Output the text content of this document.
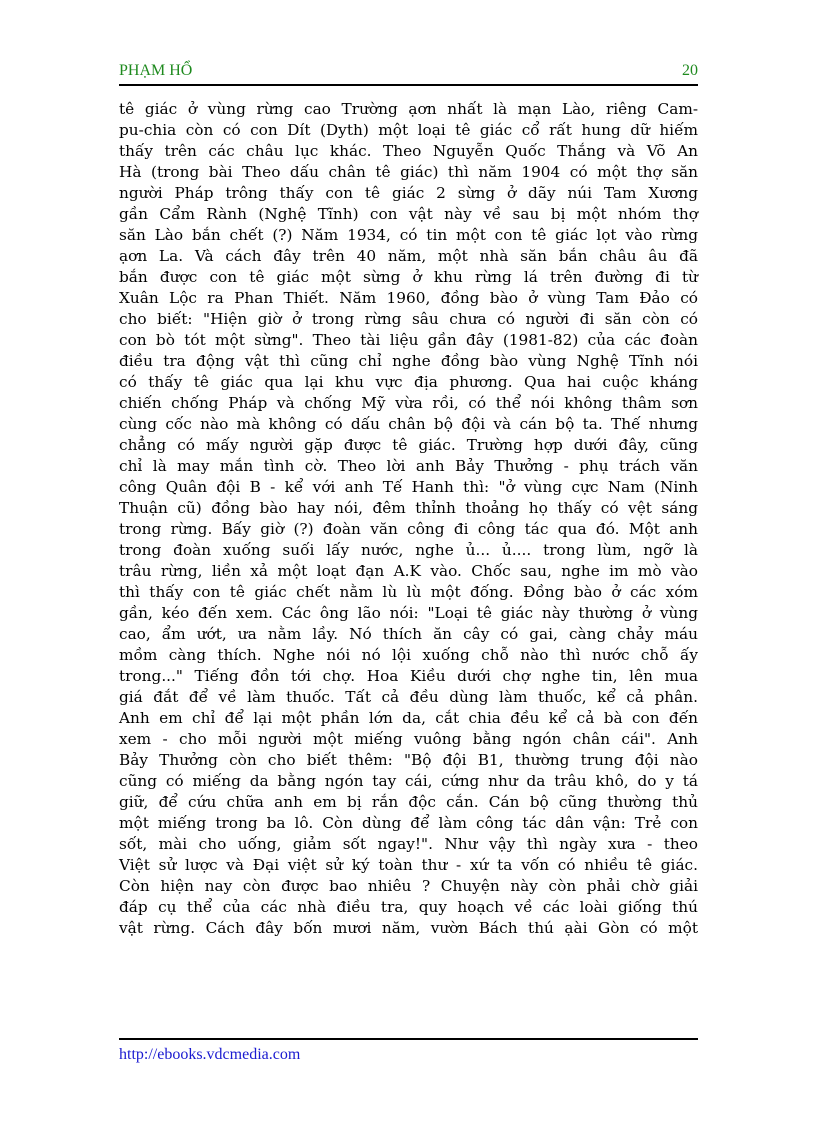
PHẠM HỔ	20
tê giác ở vùng rừng cao Trường ạơn nhất là mạn Lào, riêng Cam-
pu-chia còn có con Dít (Dyth) một loại tê giác cổ rất hung dữ hiếm
thấy trên các châu lục khác. Theo Nguyễn Quốc Thắng và Võ An
Hà (trong bài Theo dấu chân tê giác) thì năm 1904 có một thợ săn
người Pháp trông thấy con tê giác 2 sừng ở dãy núi Tam Xương
gần Cẩm Rành (Nghệ Tĩnh) con vật này về sau bị một nhóm thợ
săn Lào bắn chết (?) Năm 1934, có tin một con tê giác lọt vào rừng
ạơn La. Và cách đây trên 40 năm, một nhà săn bắn châu âu đã
bắn được con tê giác một sừng ở khu rừng lá trên đường đi từ
Xuân Lộc ra Phan Thiết. Năm 1960, đồng bào ở vùng Tam Đảo có
cho biết: "Hiện giờ ở trong rừng sâu chưa có người đi săn còn có
con bò tót một sừng". Theo tài liệu gần đây (1981-82) của các đoàn
điều tra động vật thì cũng chỉ nghe đồng bào vùng Nghệ Tĩnh nói
có thấy tê giác qua lại khu vực địa phương. Qua hai cuộc kháng
chiến chống Pháp và chống Mỹ vừa rồi, có thể nói không thâm sơn
cùng cốc nào mà không có dấu chân bộ đội và cán bộ ta. Thế nhưng
chẳng có mấy người gặp được tê giác. Trường hợp dưới đây, cũng
chỉ là may mắn tình cờ. Theo lời anh Bảy Thưởng - phụ trách văn
công Quân đội B - kể với anh Tế Hanh thì: "ở vùng cực Nam (Ninh
Thuận cũ) đồng bào hay nói, đêm thỉnh thoảng họ thấy có vệt sáng
trong rừng. Bấy giờ (?) đoàn văn công đi công tác qua đó. Một anh
trong đoàn xuống suối lấy nước, nghe ủ... ủ.... trong lùm, ngỡ là
trâu rừng, liền xả một loạt đạn A.K vào. Chốc sau, nghe im mò vào
thì thấy con tê giác chết nằm lù lù một đống. Đồng bào ở các xóm
gần, kéo đến xem. Các ông lão nói: "Loại tê giác này thường ở vùng
cao, ẩm ướt, ưa nằm lầy. Nó thích ăn cây có gai, càng chảy máu
mồm càng thích. Nghe nói nó lội xuống chỗ nào thì nước chỗ ấy
trong..." Tiếng đồn tới chợ. Hoa Kiều dưới chợ nghe tin, lên mua
giá đắt để về làm thuốc. Tất cả đều dùng làm thuốc, kể cả phân.
Anh em chỉ để lại một phần lớn da, cắt chia đều kể cả bà con đến
xem - cho mỗi người một miếng vuông bằng ngón chân cái". Anh
Bảy Thưởng còn cho biết thêm: "Bộ đội B1, thường trung đội nào
cũng có miếng da bằng ngón tay cái, cứng như da trâu khô, do y tá
giữ, để cứu chữa anh em bị rắn độc cắn. Cán bộ cũng thường thủ
một miếng trong ba lô. Còn dùng để làm công tác dân vận: Trẻ con
sốt, mài cho uống, giảm sốt ngay!". Như vậy thì ngày xưa - theo
Việt sử lược và Đại việt sử ký toàn thư - xứ ta vốn có nhiều tê giác.
Còn hiện nay còn được bao nhiêu ? Chuyện này còn phải chờ giải
đáp cụ thể của các nhà điều tra, quy hoạch về các loài giống thú
vật rừng. Cách đây bốn mươi năm, vườn Bách thú ạài Gòn có một
http://ebooks.vdcmedia.com
